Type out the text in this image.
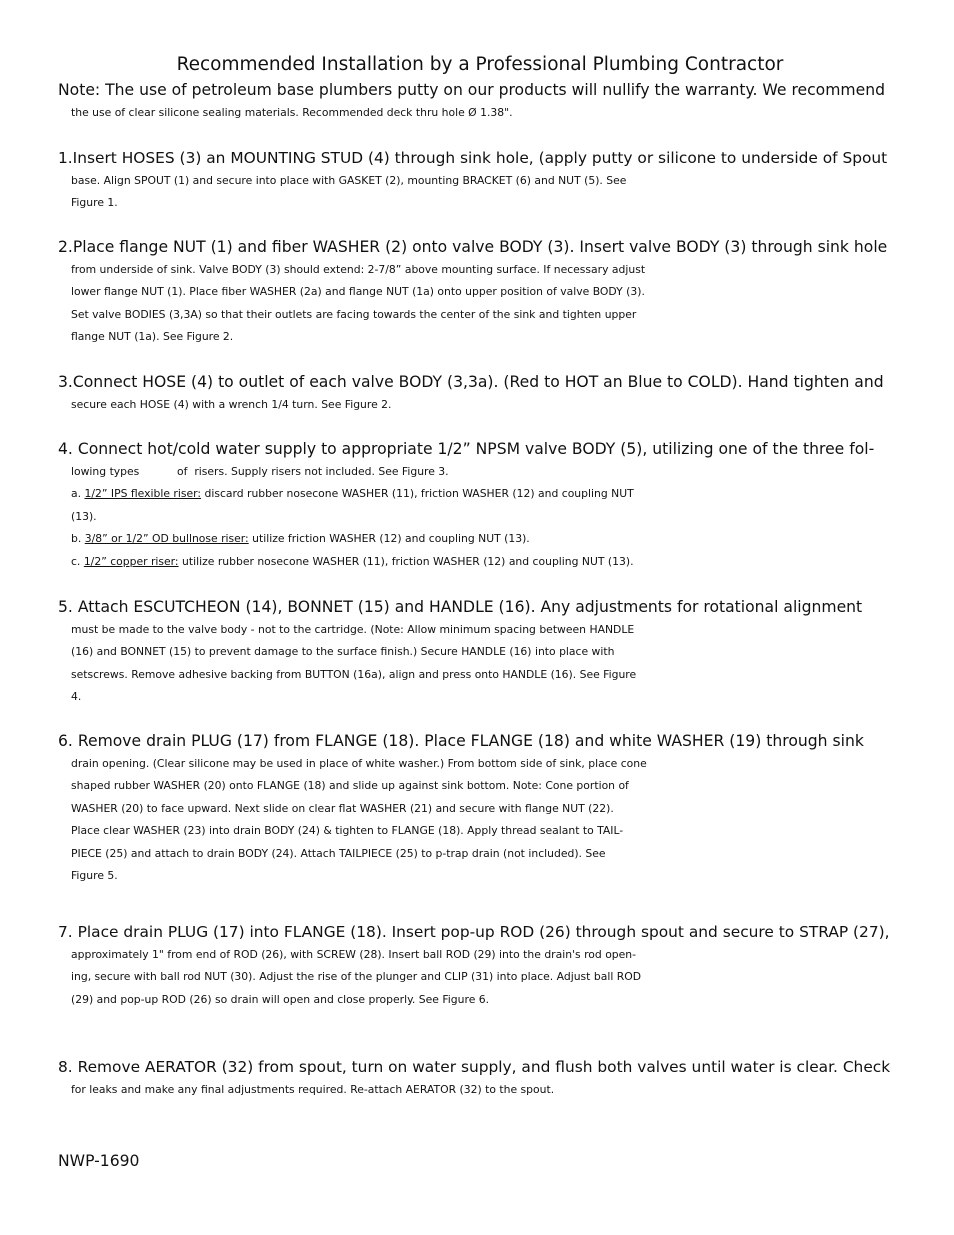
Recommended Installation by a Professional Plumbing Contractor
Note: The use of petroleum base plumbers putty on our products will nullify the warranty. We recommend
the use of clear silicone sealing materials. Recommended deck thru hole Ø 1.38".
1.Insert HOSES (3) an MOUNTING STUD (4) through sink hole, (apply putty or silicone to underside of Spout
base. Align SPOUT (1) and secure into place with GASKET (2), mounting BRACKET (6) and NUT (5). See
Figure 1.
2.Place flange NUT (1) and fiber WASHER (2) onto valve BODY (3). Insert valve BODY (3) through sink hole
from underside of sink. Valve BODY (3) should extend: 2-7/8” above mounting surface. If necessary adjust
lower flange NUT (1). Place fiber WASHER (2a) and flange NUT (1a) onto upper position of valve BODY (3).
Set valve BODIES (3,3A) so that their outlets are facing towards the center of the sink and tighten upper
flange NUT (1a). See Figure 2.
3.Connect HOSE (4) to outlet of each valve BODY (3,3a). (Red to HOT an Blue to COLD). Hand tighten and
secure each HOSE (4) with a wrench 1/4 turn. See Figure 2.
4. Connect hot/cold water supply to appropriate 1/2” NPSM valve BODY (5), utilizing one of the three fol-
lowing types           of  risers. Supply risers not included. See Figure 3.
a. 1/2” IPS flexible riser: discard rubber nosecone WASHER (11), friction WASHER (12) and coupling NUT
(13).
b. 3/8” or 1/2” OD bullnose riser: utilize friction WASHER (12) and coupling NUT (13).
c. 1/2” copper riser: utilize rubber nosecone WASHER (11), friction WASHER (12) and coupling NUT (13).
5. Attach ESCUTCHEON (14), BONNET (15) and HANDLE (16). Any adjustments for rotational alignment
must be made to the valve body - not to the cartridge. (Note: Allow minimum spacing between HANDLE
(16) and BONNET (15) to prevent damage to the surface finish.) Secure HANDLE (16) into place with
setscrews. Remove adhesive backing from BUTTON (16a), align and press onto HANDLE (16). See Figure
4.
6. Remove drain PLUG (17) from FLANGE (18). Place FLANGE (18) and white WASHER (19) through sink
drain opening. (Clear silicone may be used in place of white washer.) From bottom side of sink, place cone
shaped rubber WASHER (20) onto FLANGE (18) and slide up against sink bottom. Note: Cone portion of
WASHER (20) to face upward. Next slide on clear flat WASHER (21) and secure with flange NUT (22).
Place clear WASHER (23) into drain BODY (24) & tighten to FLANGE (18). Apply thread sealant to TAIL-
PIECE (25) and attach to drain BODY (24). Attach TAILPIECE (25) to p-trap drain (not included). See
Figure 5.
7. Place drain PLUG (17) into FLANGE (18). Insert pop-up ROD (26) through spout and secure to STRAP (27),
approximately 1" from end of ROD (26), with SCREW (28). Insert ball ROD (29) into the drain's rod open-
ing, secure with ball rod NUT (30). Adjust the rise of the plunger and CLIP (31) into place. Adjust ball ROD
(29) and pop-up ROD (26) so drain will open and close properly. See Figure 6.
8. Remove AERATOR (32) from spout, turn on water supply, and flush both valves until water is clear. Check
for leaks and make any final adjustments required. Re-attach AERATOR (32) to the spout.
NWP-1690
